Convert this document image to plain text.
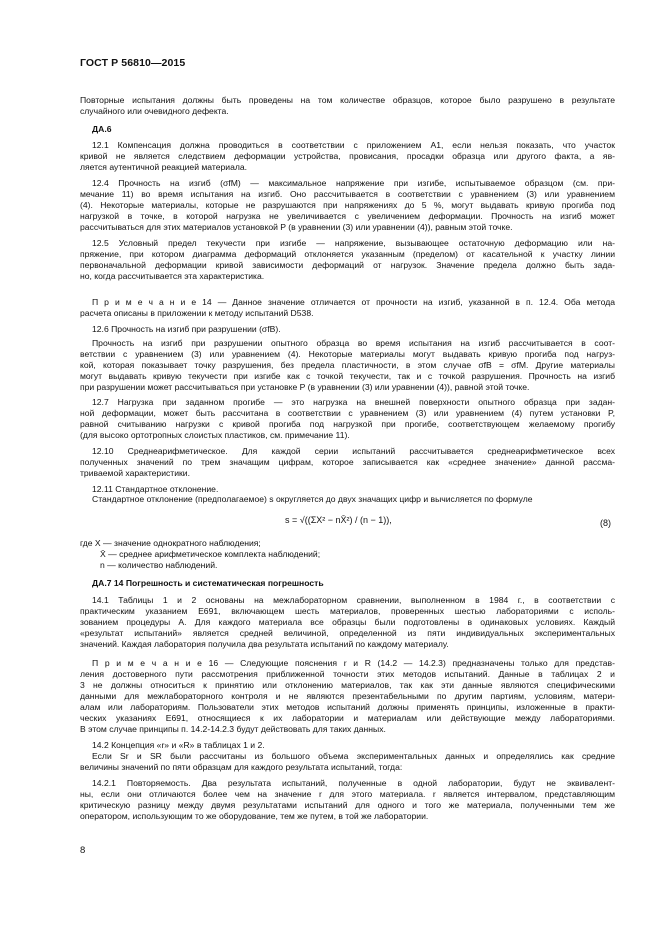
ГОСТ Р 56810—2015
Повторные испытания должны быть проведены на том количестве образцов, которое было разрушено в результате
случайного или очевидного дефекта.
ДА.6
12.1 Компенсация должна проводиться в соответствии с приложением А1, если нельзя показать, что участок
кривой не является следствием деформации устройства, провисания, просадки образца или другого факта, а яв-
ляется аутентичной реакцией материала.
12.4 Прочность на изгиб (σfM) — максимальное напряжение при изгибе, испытываемое образцом (см. при-
мечание 11) во время испытания на изгиб. Оно рассчитывается в соответствии с уравнением (3) или уравнением
(4). Некоторые материалы, которые не разрушаются при напряжениях до 5 %, могут выдавать кривую прогиба под
нагрузкой в точке, в которой нагрузка не увеличивается с увеличением деформации. Прочность на изгиб может
рассчитываться для этих материалов установкой P (в уравнении (3) или уравнении (4)), равным этой точке.
12.5 Условный предел текучести при изгибе — напряжение, вызывающее остаточную деформацию или на-
пряжение, при котором диаграмма деформаций отклоняется указанным (пределом) от касательной к участку линии
первоначальной деформации кривой зависимости деформаций от нагрузок. Значение предела должно быть задa-
но, когда рассчитывается эта характеристика.
П р и м е ч а н и е 14 — Данное значение отличается от прочности на изгиб, указанной в п. 12.4. Оба метода
расчета описаны в приложении к методу испытаний D538.
12.6 Прочность на изгиб при разрушении (σfB).
Прочность на изгиб при разрушении опытного образца во время испытания на изгиб рассчитывается в соот-
ветствии с уравнением (3) или уравнением (4). Некоторые материалы могут выдавать кривую прогиба под нагруз-
кой, которая показывает точку разрушения, без предела пластичности, в этом случае σfB = σfM. Другие материалы
могут выдавать кривую текучести при изгибе как с точкой текучести, так и с точкой разрушения. Прочность на изгиб
при разрушении может рассчитываться при установке P (в уравнении (3) или уравнении (4)), равной этой точке.
12.7 Нагрузка при заданном прогибе — это нагрузка на внешней поверхности опытного образца при задан-
ной деформации, может быть рассчитана в соответствии с уравнением (3) или уравнением (4) путем установки P,
равной считыванию нагрузки с кривой прогиба под нагрузкой при прогибе, соответствующем желаемому прогибу
(для высоко ортотропных слоистых пластиков, см. примечание 11).
12.10 Среднеарифметическое. Для каждой серии испытаний рассчитывается среднеарифметическое всех
полученных значений по трем значащим цифрам, которое записывается как «среднее значение» данной рассма-
триваемой характеристики.
12.11 Стандартное отклонение.
Стандартное отклонение (предполагаемое) s округляется до двух значащих цифр и вычисляется по формуле
где X — значение однократного наблюдения;
X̄ — среднее арифметическое комплекта наблюдений;
n — количество наблюдений.
ДА.7 14 Погрешность и систематическая погрешность
14.1 Таблицы 1 и 2 основаны на межлабораторном сравнении, выполненном в 1984 г., в соответствии с
практическим указанием E691, включающем шесть материалов, проверенных шестью лабораториями с исполь-
зованием процедуры А. Для каждого материала все образцы были подготовлены в одинаковых условиях. Каждый
«результат испытаний» является средней величиной, определенной из пяти индивидуальных экспериментальных
значений. Каждая лаборатория получила два результата испытаний по каждому материалу.
П р и м е ч а н и е 16 — Следующие пояснения r и R (14.2 — 14.2.3) предназначены только для представ-
ления достоверного пути рассмотрения приближенной точности этих методов испытаний. Данные в таблицах 2 и
3 не должны относиться к принятию или отклонению материалов, так как эти данные являются специфическими
данными для межлабораторного контроля и не являются презентабельными по другим партиям, условиям, матери-
алам или лабораториям. Пользователи этих методов испытаний должны применять принципы, изложенные в практи-
ческих указаниях E691, относящиеся к их лаборатории и материалам или действующие между лабораториями.
В этом случае принципы п. 14.2-14.2.3 будут действовать для таких данных.
14.2 Концепция «r» и «R» в таблицах 1 и 2.
Если Sr и SR были рассчитаны из большого объема экспериментальных данных и определялись как средние
величины значений по пяти образцам для каждого результата испытаний, тогда:
14.2.1 Повторяемость. Два результата испытаний, полученные в одной лаборатории, будут не эквивалент-
ны, если они отличаются более чем на значение r для этого материала. r является интервалом, представляющим
критическую разницу между двумя результатами испытаний для одного и того же материала, полученными тем же
оператором, использующим то же оборудование, тем же путем, в той же лаборатории.
s = √((ΣX² − nX̄²) / (n − 1)),	(8)
8
